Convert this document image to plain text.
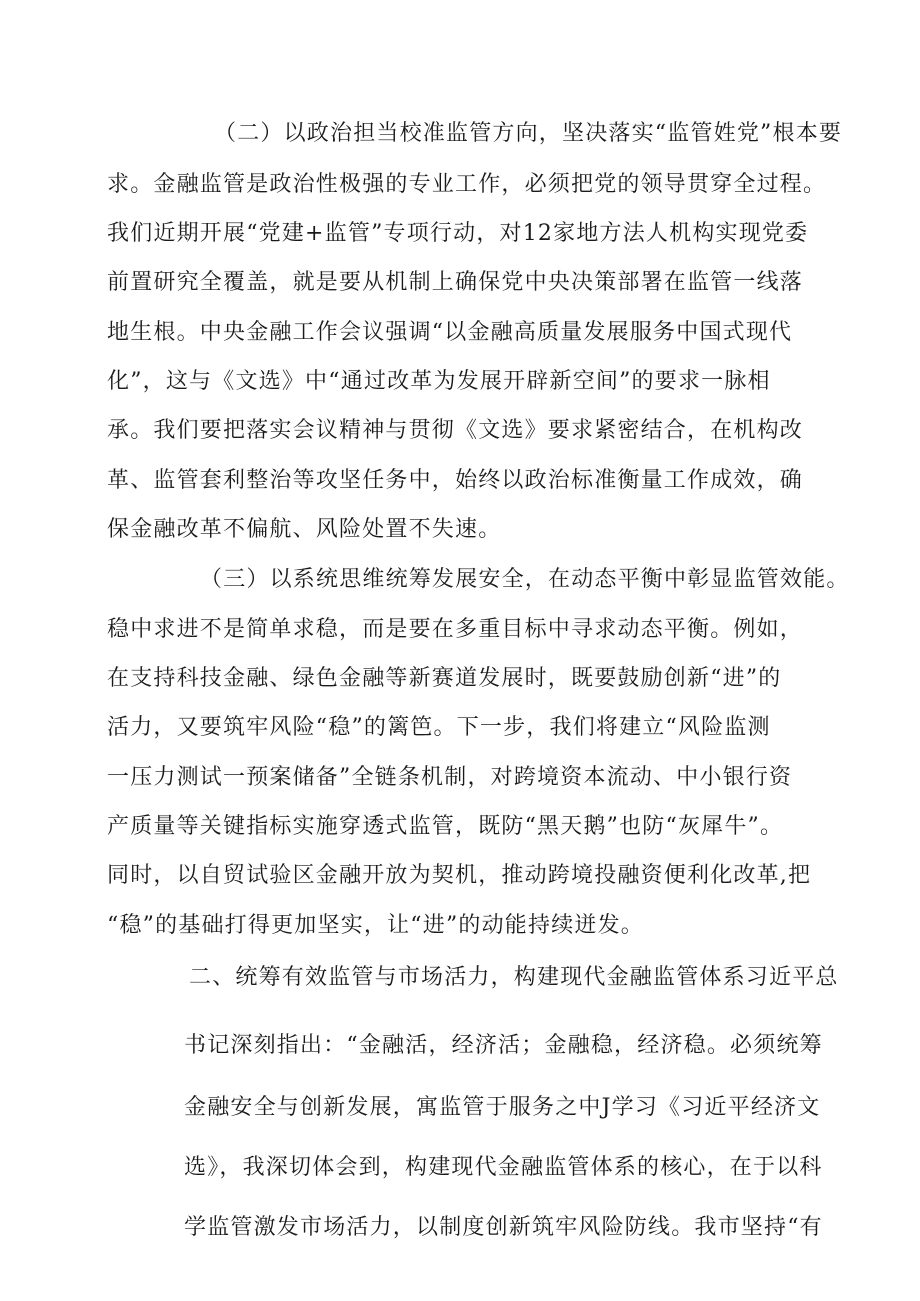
（二）以政治担当校准监管方向，坚决落实“监管姓党”根本要
求。金融监管是政治性极强的专业工作，必须把党的领导贯穿全过程。
我们近期开展“党建+监管”专项行动，对12家地方法人机构实现党委
前置研究全覆盖，就是要从机制上确保党中央决策部署在监管一线落
地生根。中央金融工作会议强调“以金融高质量发展服务中国式现代
化”，这与《文选》中“通过改革为发展开辟新空间”的要求一脉相
承。我们要把落实会议精神与贯彻《文选》要求紧密结合，在机构改
革、监管套利整治等攻坚任务中，始终以政治标准衡量工作成效，确
保金融改革不偏航、风险处置不失速。
（三）以系统思维统筹发展安全，在动态平衡中彰显监管效能。
稳中求进不是简单求稳，而是要在多重目标中寻求动态平衡。例如，
在支持科技金融、绿色金融等新赛道发展时，既要鼓励创新“进”的
活力，又要筑牢风险“稳”的篱笆。下一步，我们将建立“风险监测
一压力测试一预案储备”全链条机制，对跨境资本流动、中小银行资
产质量等关键指标实施穿透式监管，既防“黑天鹅”也防“灰犀牛”。
同时，以自贸试验区金融开放为契机，推动跨境投融资便利化改革,把
“稳”的基础打得更加坚实，让“进”的动能持续迸发。
二、统筹有效监管与市场活力，构建现代金融监管体系习近平总
书记深刻指出：“金融活，经济活；金融稳，经济稳。必须统筹
金融安全与创新发展，寓监管于服务之中J学习《习近平经济文
选》，我深切体会到，构建现代金融监管体系的核心，在于以科
学监管激发市场活力，以制度创新筑牢风险防线。我市坚持“有
